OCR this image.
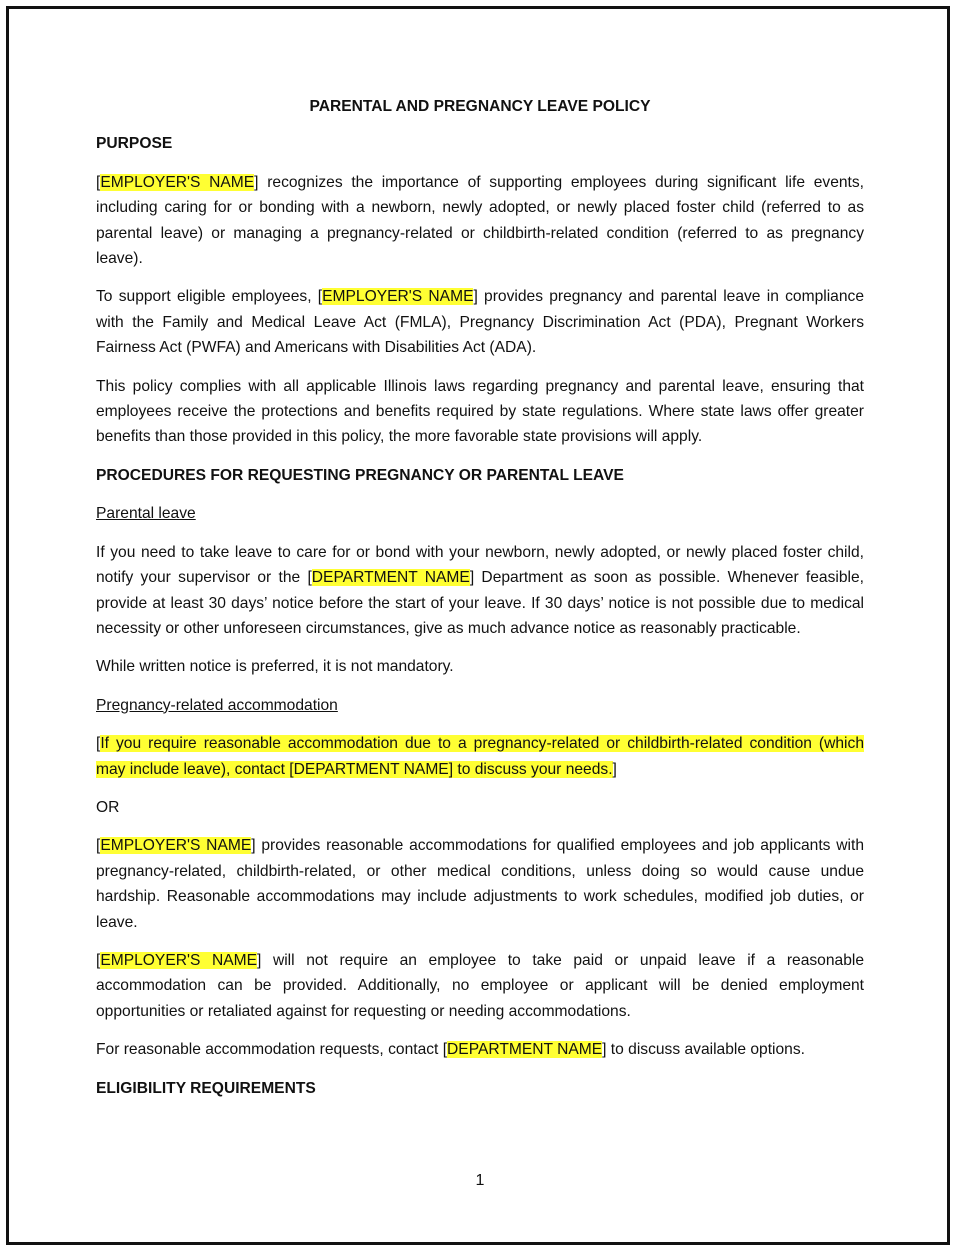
PARENTAL AND PREGNANCY LEAVE POLICY
PURPOSE

[EMPLOYER'S NAME] recognizes the importance of supporting employees during significant life events, including caring for or bonding with a newborn, newly adopted, or newly placed foster child (referred to as parental leave) or managing a pregnancy-related or childbirth-related condition (referred to as pregnancy leave).

To support eligible employees, [EMPLOYER'S NAME] provides pregnancy and parental leave in compliance with the Family and Medical Leave Act (FMLA), Pregnancy Discrimination Act (PDA), Pregnant Workers Fairness Act (PWFA) and Americans with Disabilities Act (ADA).

This policy complies with all applicable Illinois laws regarding pregnancy and parental leave, ensuring that employees receive the protections and benefits required by state regulations. Where state laws offer greater benefits than those provided in this policy, the more favorable state provisions will apply.

PROCEDURES FOR REQUESTING PREGNANCY OR PARENTAL LEAVE
Parental leave

If you need to take leave to care for or bond with your newborn, newly adopted, or newly placed foster child, notify your supervisor or the [DEPARTMENT NAME] Department as soon as possible. Whenever feasible, provide at least 30 days’ notice before the start of your leave. If 30 days’ notice is not possible due to medical necessity or other unforeseen circumstances, give as much advance notice as reasonably practicable.

While written notice is preferred, it is not mandatory.

Pregnancy-related accommodation

[If you require reasonable accommodation due to a pregnancy-related or childbirth-related condition (which may include leave), contact [DEPARTMENT NAME] to discuss your needs.]

OR

[EMPLOYER'S NAME] provides reasonable accommodations for qualified employees and job applicants with pregnancy-related, childbirth-related, or other medical conditions, unless doing so would cause undue hardship. Reasonable accommodations may include adjustments to work schedules, modified job duties, or leave.

[EMPLOYER'S NAME] will not require an employee to take paid or unpaid leave if a reasonable accommodation can be provided. Additionally, no employee or applicant will be denied employment opportunities or retaliated against for requesting or needing accommodations.

For reasonable accommodation requests, contact [DEPARTMENT NAME] to discuss available options.

ELIGIBILITY REQUIREMENTS
1
